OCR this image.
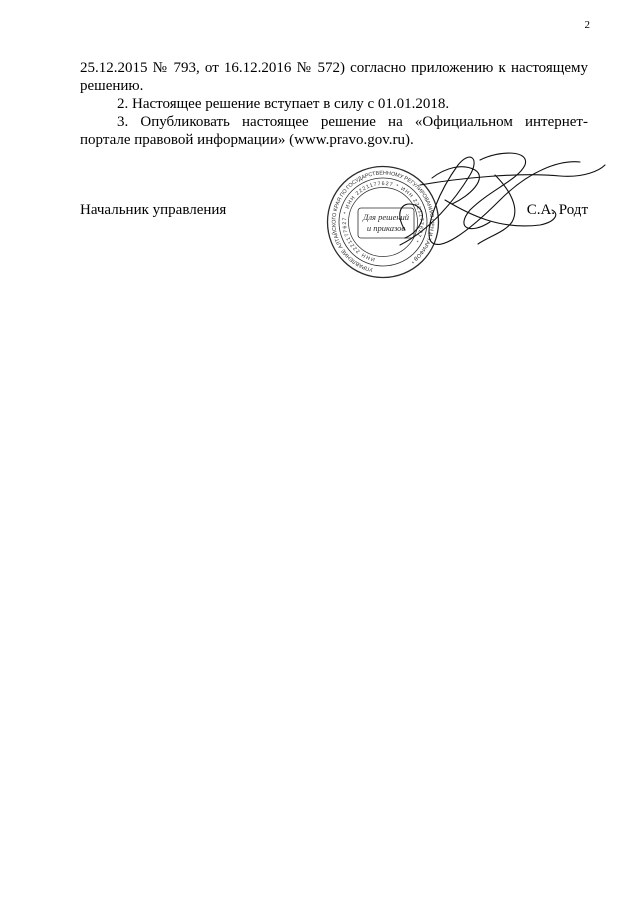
2
25.12.2015 № 793, от 16.12.2016 № 572) согласно приложению к настоящему
решению.
2. Настоящее решение вступает в силу с 01.01.2018.
3. Опубликовать настоящее решение на «Официальном интернет-
портале правовой информации» (www.pravo.gov.ru).
Начальник управления	С.А. Родт
УПРАВЛЕНИЕ АЛТАЙСКОГО КРАЯ ПО ГОСУДАРСТВЕННОМУ РЕГУЛИРОВАНИЮ ЦЕН И ТАРИФОВ *
ИНН 2221177627 * ИНН 2221177627 * ИНН 2221177627 *
Для решений
и приказов
